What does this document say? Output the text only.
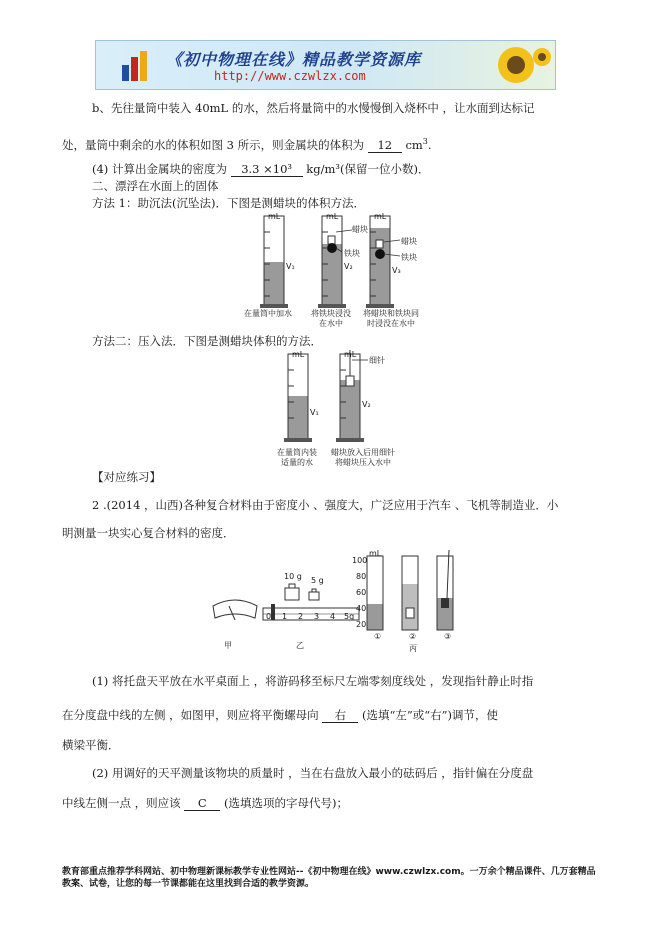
《初中物理在线》精品教学资源库
http://www.czwlzx.com
b、先往量筒中装入 40mL 的水，然后将量筒中的水慢慢倒入烧杯中 ，让水面到达标记
处，量筒中剩余的水的体积如图 3 所示，则金属块的体积为 12 $cm^3$.
(4) 计算出金属块的密度为 3.3 ×10³ kg/m³(保留一位小数)．
二、漂浮在水面上的固体
方法 1：助沉法(沉坠法)．下图是测蜡块的体积方法．
mL	mL	mL
V₁	V₂	V₃
蜡块
铁块
蜡块
铁块
在量筒中加水	将铁块浸没
在水中
将蜡块和铁块同
时浸没在水中
方法二：压入法．下图是测蜡块体积的方法．
mL	mL
细针
V₁
V₂
在量筒内装
适量的水
蜡块放入后用细针
将蜡块压入水中
【对应练习】
2 .(2014 ，山西)各种复合材料由于密度小 、强度大，广泛应用于汽车 、飞机等制造业．小
明测量一块实心复合材料的密度．
10 g 5 g
0 1 2 3 4 5g
mL
100
80
60
40
20
甲	乙
①	②	③
丙
(1) 将托盘天平放在水平桌面上 ，将游码移至标尺左端零刻度线处 ，发现指针静止时指
在分度盘中线的左侧 ，如图甲，则应将平衡螺母向 右 (选填“左”或“右”)调节，使
横梁平衡．
(2) 用调好的天平测量该物块的质量时 ，当在右盘放入最小的砝码后 ，指针偏在分度盘
中线左侧一点 ，则应该 C (选填选项的字母代号)；
教育部重点推荐学科网站、初中物理新课标教学专业性网站--《初中物理在线》www.czwlzx.com。一万余个精品课件、几万套精品教案、试卷，让您的每一节课都能在这里找到合适的教学资源。
